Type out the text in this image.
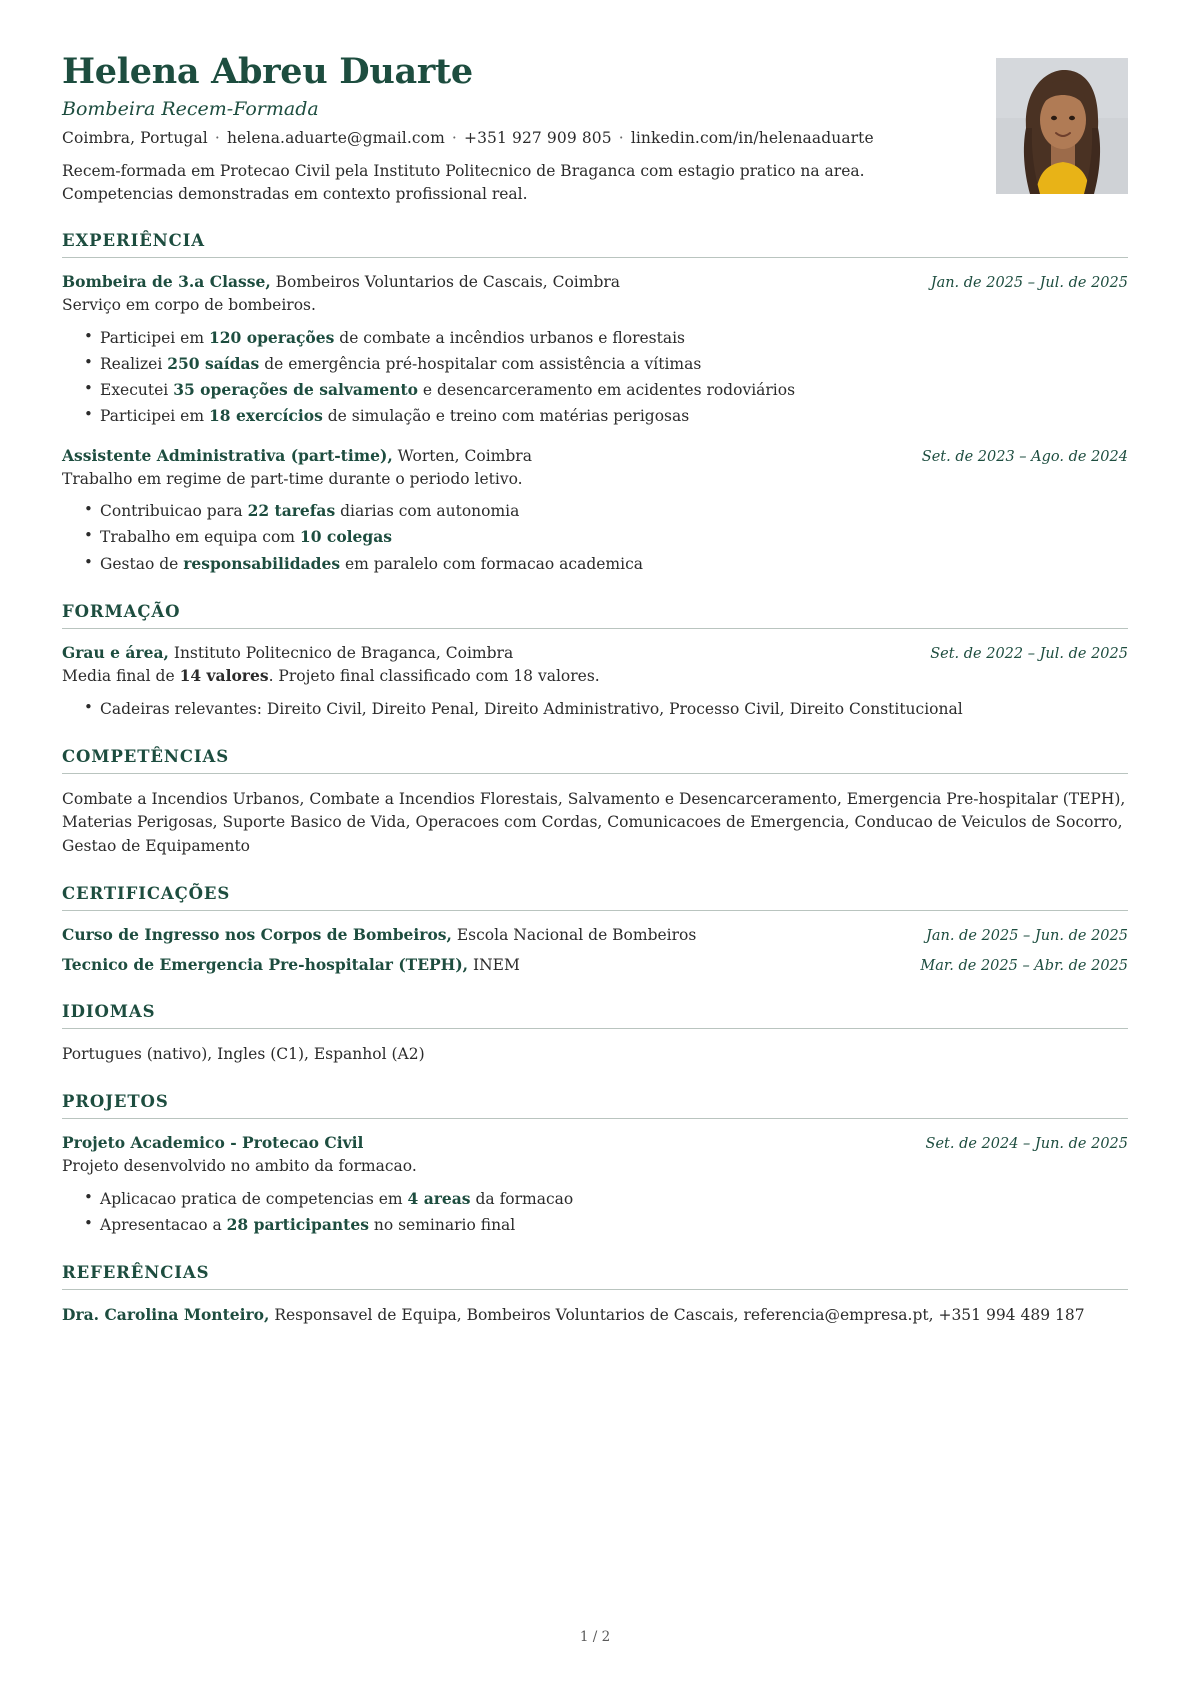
Helena Abreu Duarte
Bombeira Recem-Formada
Coimbra, Portugal · helena.aduarte@gmail.com · +351 927 909 805 · linkedin.com/in/helenaaduarte
Recem-formada em Protecao Civil pela Instituto Politecnico de Braganca com estagio pratico na area. Competencias demonstradas em contexto profissional real.
EXPERIÊNCIA
Bombeira de 3.a Classe, Bombeiros Voluntarios de Cascais, Coimbra	Jan. de 2025 – Jul. de 2025
Serviço em corpo de bombeiros.
• Participei em 120 operações de combate a incêndios urbanos e florestais
• Realizei 250 saídas de emergência pré-hospitalar com assistência a vítimas
• Executei 35 operações de salvamento e desencarceramento em acidentes rodoviários
• Participei em 18 exercícios de simulação e treino com matérias perigosas
Assistente Administrativa (part-time), Worten, Coimbra	Set. de 2023 – Ago. de 2024
Trabalho em regime de part-time durante o periodo letivo.
• Contribuicao para 22 tarefas diarias com autonomia
• Trabalho em equipa com 10 colegas
• Gestao de responsabilidades em paralelo com formacao academica
FORMAÇÃO
Grau e área, Instituto Politecnico de Braganca, Coimbra	Set. de 2022 – Jul. de 2025
Media final de 14 valores. Projeto final classificado com 18 valores.
• Cadeiras relevantes: Direito Civil, Direito Penal, Direito Administrativo, Processo Civil, Direito Constitucional
COMPETÊNCIAS
Combate a Incendios Urbanos, Combate a Incendios Florestais, Salvamento e Desencarceramento, Emergencia Pre-hospitalar (TEPH), Materias Perigosas, Suporte Basico de Vida, Operacoes com Cordas, Comunicacoes de Emergencia, Conducao de Veiculos de Socorro, Gestao de Equipamento
CERTIFICAÇÕES
Curso de Ingresso nos Corpos de Bombeiros, Escola Nacional de Bombeiros	Jan. de 2025 – Jun. de 2025
Tecnico de Emergencia Pre-hospitalar (TEPH), INEM	Mar. de 2025 – Abr. de 2025
IDIOMAS
Portugues (nativo), Ingles (C1), Espanhol (A2)
PROJETOS
Projeto Academico - Protecao Civil	Set. de 2024 – Jun. de 2025
Projeto desenvolvido no ambito da formacao.
• Aplicacao pratica de competencias em 4 areas da formacao
• Apresentacao a 28 participantes no seminario final
REFERÊNCIAS
Dra. Carolina Monteiro, Responsavel de Equipa, Bombeiros Voluntarios de Cascais, referencia@empresa.pt, +351 994 489 187
1 / 2
